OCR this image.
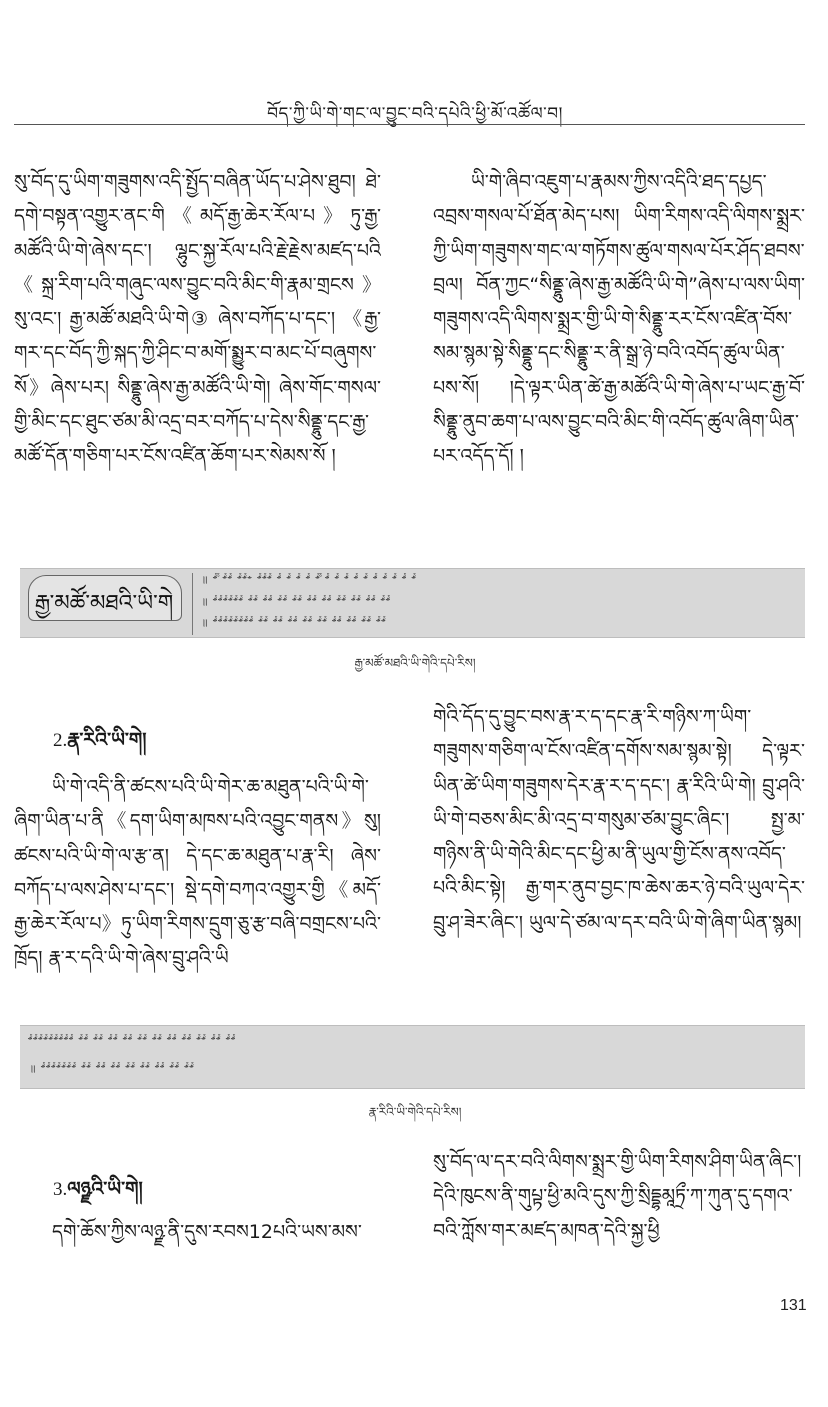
བོད་ཀྱི་ཡི་གེ་གང་ལ་བྱུང་བའི་དཔེའི་ཕྱི་མོ་འཚོལ་བ།

སུ་བོད་དུ་ཡིག་གཟུགས་འདི་སྤྱོད་བཞིན་ཡོད་པ་ཤེས་ཐུབ། ཐེ་དགེ་བསྟན་འགྱུར་ནང་གི《མདོ་རྒྱ་ཆེར་རོལ་པ》ཏུ་རྒྱ་མཚོའི་ཡི་གེ་ཞེས་དང་། ལྷུང་སྐྱ་རོལ་པའི་རྗེ་རྗེས་མཛད་པའི《སྐྲ་རིག་པའི་གཞུང་ལས་བྱུང་བའི་མིང་གི་རྣམ་གྲངས》སུ་འང་། རྒྱ་མཚོ་མཐའི་ཡི་གེ③ ཞེས་བཀོད་པ་དང་། 《རྒྱ་གར་དང་བོད་ཀྱི་སྐད་ཀྱི་ཤིང་བ་མགོ་སྨྱུར་བ་མང་པོ་བཞུགས་སོ》ཞེས་པར། སིནྡྷུ་ཞེས་རྒྱ་མཚོའི་ཡི་གེ། ཞེས་གོང་གསལ་གྱི་མིང་དང་ཐུང་ཙམ་མི་འདྲ་བར་བཀོད་པ་དེས་སིནྡྷུ་དང་རྒྱ་མཚོ་དོན་གཅིག་པར་ངོས་འཛིན་ཆོག་པར་སེམས་སོ །

ཡི་གེ་ཞིབ་འཇུག་པ་རྣམས་ཀྱིས་འདིའི་ཐད་དཔྱད་འབྲས་གསལ་པོ་ཐོན་མེད་པས། ཡིག་རིགས་འདི་ལིགས་སྨྲར་ཀྱི་ཡིག་གཟུགས་གང་ལ་གཏོགས་ཚུལ་གསལ་པོར་ཤོད་ཐབས་བྲལ། བོན་ཀྱང“སིནྡྷུ་ཞེས་རྒྱ་མཚོའི་ཡི་གེ”ཞེས་པ་ལས་ཡིག་གཟུགས་འདི་ལིགས་སྨྲར་གྱི་ཡི་གེ་སིནྡྷུ་རར་ངོས་འཛིན་བོས་སམ་སྙམ་སྟེ་སིནྡྷུ་དང་སིནྡྷུ་ར་ནི་སྒྲ་ཉེ་བའི་འབོད་ཚུལ་ཡིན་པས་སོ། །དེ་ལྟར་ཡིན་ཚེ་རྒྱ་མཚོའི་ཡི་གེ་ཞེས་པ་ཡང་རྒྱ་བོ་སིནྡྷུ་ནུབ་ཆག་པ་ལས་བྱུང་བའི་མིང་གི་འབོད་ཚུལ་ཞིག་ཡིན་པར་འདོད་དོ། །

རྒྱ་མཚོ་མཐའི་ཡི་གེ
॥ ꣲ꣱꣱ ꣲ꣱ꣲ꣱ ꣲ꣱ꣲ꣱ꣲ ꣲ꣱ꣲ꣱ꣲ꣱ ꣲ꣱ ꣲ꣱ ꣲ꣱ ꣲ꣱ ꣲ꣱꣱ ꣲ꣱ ꣲ꣱ ꣲ꣱ ꣲ꣱ ꣲ꣱ ꣲ꣱ ꣲ꣱ ꣲ꣱ ꣲ꣱ ꣲ꣱
॥ ꣲ꣱ꣲ꣱ꣲ꣱ꣲ꣱ꣲ꣱ꣲ꣱ ꣲ꣱ꣲ꣱ ꣲ꣱ꣲ꣱ ꣲ꣱ꣲ꣱ ꣲ꣱ꣲ꣱ ꣲ꣱ꣲ꣱ ꣲ꣱ꣲ꣱ ꣲ꣱ꣲ꣱ ꣲ꣱ꣲ꣱ ꣲ꣱ꣲ꣱ ꣲ꣱ꣲ꣱
॥ ꣲ꣱ꣲ꣱ꣲ꣱ꣲ꣱ꣲ꣱ꣲ꣱ꣲ꣱ꣲ꣱ ꣲ꣱ꣲ꣱ ꣲ꣱ꣲ꣱ ꣲ꣱ꣲ꣱ ꣲ꣱ꣲ꣱ ꣲ꣱ꣲ꣱ ꣲ꣱ꣲ꣱ ꣲ꣱ꣲ꣱ ꣲ꣱ꣲ꣱ ꣲ꣱ꣲ꣱
རྒྱ་མཚོ་མཐའི་ཡི་གེའི་དཔེ་རིས།
2.རྣ་རིའི་ཡི་གེ།

ཡི་གེ་འདི་ནི་ཚངས་པའི་ཡི་གེར་ཆ་མཐུན་པའི་ཡི་གེ་ཞིག་ཡིན་པ་ནི《དག་ཡིག་མཁས་པའི་འབྱུང་གནས》སུ། ཚངས་པའི་ཡི་གེ་ལ་རྩ་ན། དེ་དང་ཆ་མཐུན་པ་རྣ་རི། ཞེས་བཀོད་པ་ལས་ཤེས་པ་དང་། སྡེ་དགེ་བཀའ་འགྱུར་གྱི《མདོ་རྒྱ་ཆེར་རོལ་པ》ཏུ་ཡིག་རིགས་དྲུག་ཅུ་རྩ་བཞི་བགྲངས་པའི་ཁྲོད། རྣ་ར་དའི་ཡི་གེ་ཞེས་བྲུ་ཤའི་ཡི

གེའི་དོད་དུ་བྱུང་བས་རྣ་ར་ད་དང་རྣ་རི་གཉིས་ཀ་ཡིག་གཟུགས་གཅིག་ལ་ངོས་འཛིན་དགོས་སམ་སྙམ་སྟེ། དེ་ལྟར་ཡིན་ཚེ་ཡིག་གཟུགས་དེར་རྣ་ར་ད་དང་། རྣ་རིའི་ཡི་གེ། བྲུ་ཤའི་ཡི་གེ་བཅས་མིང་མི་འདྲ་བ་གསུམ་ཙམ་བྱུང་ཞིང་། སྤྱ་མ་གཉིས་ནི་ཡི་གེའི་མིང་དང་ཕྱི་མ་ནི་ཡུལ་གྱི་ངོས་ནས་འབོད་པའི་མིང་སྟེ། རྒྱ་གར་ནུབ་བྱང་ཁ་ཆེས་ཆར་ཉེ་བའི་ཡུལ་དེར་བྲུ་ཤ་ཟེར་ཞིང་། ཡུལ་དེ་ཙམ་ལ་དར་བའི་ཡི་གེ་ཞིག་ཡིན་སྙམ།

ꣲ꣱ꣲ꣱ꣲ꣱ꣲ꣱ꣲ꣱ꣲ꣱ꣲ꣱ꣲ꣱ꣲ꣱ ꣲ꣱ꣲ꣱ ꣲ꣱ꣲ꣱ ꣲ꣱ꣲ꣱ ꣲ꣱ꣲ꣱ ꣲ꣱ꣲ꣱ ꣲ꣱ꣲ꣱ ꣲ꣱ꣲ꣱ ꣲ꣱ꣲ꣱ ꣲ꣱ꣲ꣱ ꣲ꣱ꣲ꣱ ꣲ꣱ꣲ꣱
॥ ꣲ꣱ꣲ꣱ꣲ꣱ꣲ꣱ꣲ꣱ꣲ꣱ꣲ꣱ ꣲ꣱ꣲ꣱ ꣲ꣱ꣲ꣱ ꣲ꣱ꣲ꣱ ꣲ꣱ꣲ꣱ ꣲ꣱ꣲ꣱ ꣲ꣱ꣲ꣱ ꣲ꣱ꣲ꣱ ꣲ꣱ꣲ꣱
རྣ་རིའི་ཡི་གེའི་དཔེ་རིས།
3.ལཉྫའི་ཡི་གེ།

དགེ་ཆོས་ཀྱིས་ལཉྫ་ནི་དུས་རབས12པའི་ཡས་མས་

སུ་བོད་ལ་དར་བའི་ལིགས་སྨྲར་གྱི་ཡིག་རིགས་ཤིག་ཡིན་ཞིང་། དེའི་ཁུངས་ནི་གུཔྟ་ཕྱི་མའི་དུས་ཀྱི་སྲིདྡྷམཱཏྲྀ་ཀ་ཀུན་དུ་དགའ་བའི་ཀློས་གར་མཛད་མཁན་དེའི་སྐྱ་ཕྱི

131
